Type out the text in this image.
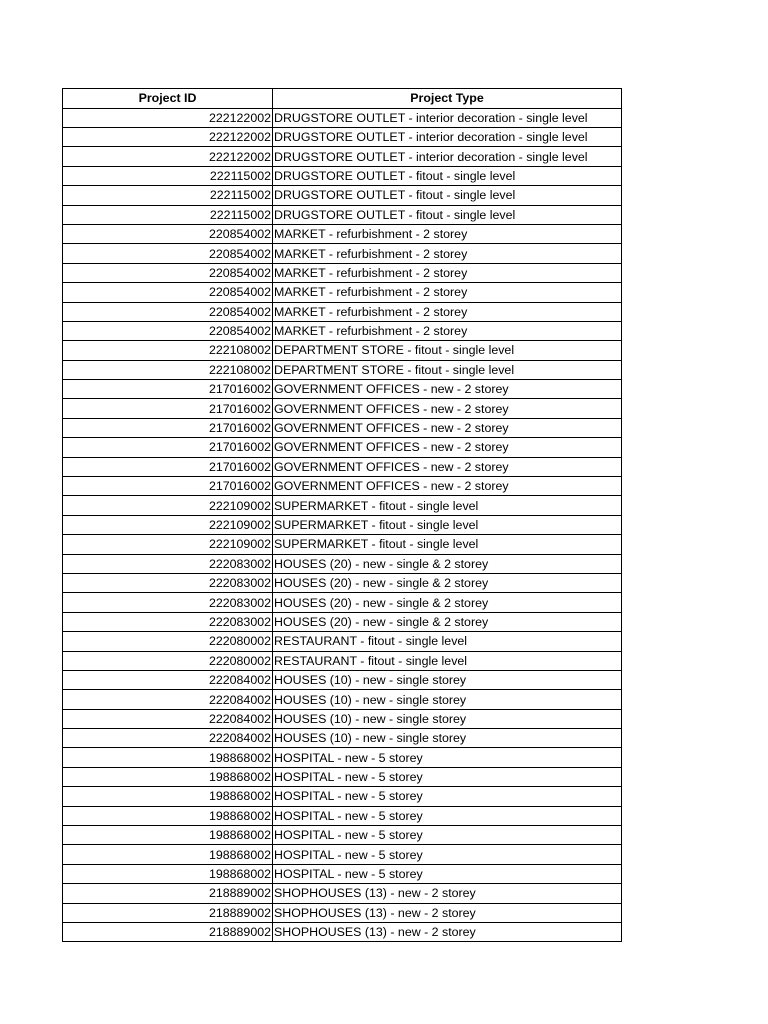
Project ID	Project Type
222122002	DRUGSTORE OUTLET - interior decoration - single level
222122002	DRUGSTORE OUTLET - interior decoration - single level
222122002	DRUGSTORE OUTLET - interior decoration - single level
222115002	DRUGSTORE OUTLET - fitout - single level
222115002	DRUGSTORE OUTLET - fitout - single level
222115002	DRUGSTORE OUTLET - fitout - single level
220854002	MARKET - refurbishment - 2 storey
220854002	MARKET - refurbishment - 2 storey
220854002	MARKET - refurbishment - 2 storey
220854002	MARKET - refurbishment - 2 storey
220854002	MARKET - refurbishment - 2 storey
220854002	MARKET - refurbishment - 2 storey
222108002	DEPARTMENT STORE - fitout - single level
222108002	DEPARTMENT STORE - fitout - single level
217016002	GOVERNMENT OFFICES - new - 2 storey
217016002	GOVERNMENT OFFICES - new - 2 storey
217016002	GOVERNMENT OFFICES - new - 2 storey
217016002	GOVERNMENT OFFICES - new - 2 storey
217016002	GOVERNMENT OFFICES - new - 2 storey
217016002	GOVERNMENT OFFICES - new - 2 storey
222109002	SUPERMARKET - fitout - single level
222109002	SUPERMARKET - fitout - single level
222109002	SUPERMARKET - fitout - single level
222083002	HOUSES (20) - new - single & 2 storey
222083002	HOUSES (20) - new - single & 2 storey
222083002	HOUSES (20) - new - single & 2 storey
222083002	HOUSES (20) - new - single & 2 storey
222080002	RESTAURANT - fitout - single level
222080002	RESTAURANT - fitout - single level
222084002	HOUSES (10) - new - single storey
222084002	HOUSES (10) - new - single storey
222084002	HOUSES (10) - new - single storey
222084002	HOUSES (10) - new - single storey
198868002	HOSPITAL - new - 5 storey
198868002	HOSPITAL - new - 5 storey
198868002	HOSPITAL - new - 5 storey
198868002	HOSPITAL - new - 5 storey
198868002	HOSPITAL - new - 5 storey
198868002	HOSPITAL - new - 5 storey
198868002	HOSPITAL - new - 5 storey
218889002	SHOPHOUSES (13) - new - 2 storey
218889002	SHOPHOUSES (13) - new - 2 storey
218889002	SHOPHOUSES (13) - new - 2 storey
